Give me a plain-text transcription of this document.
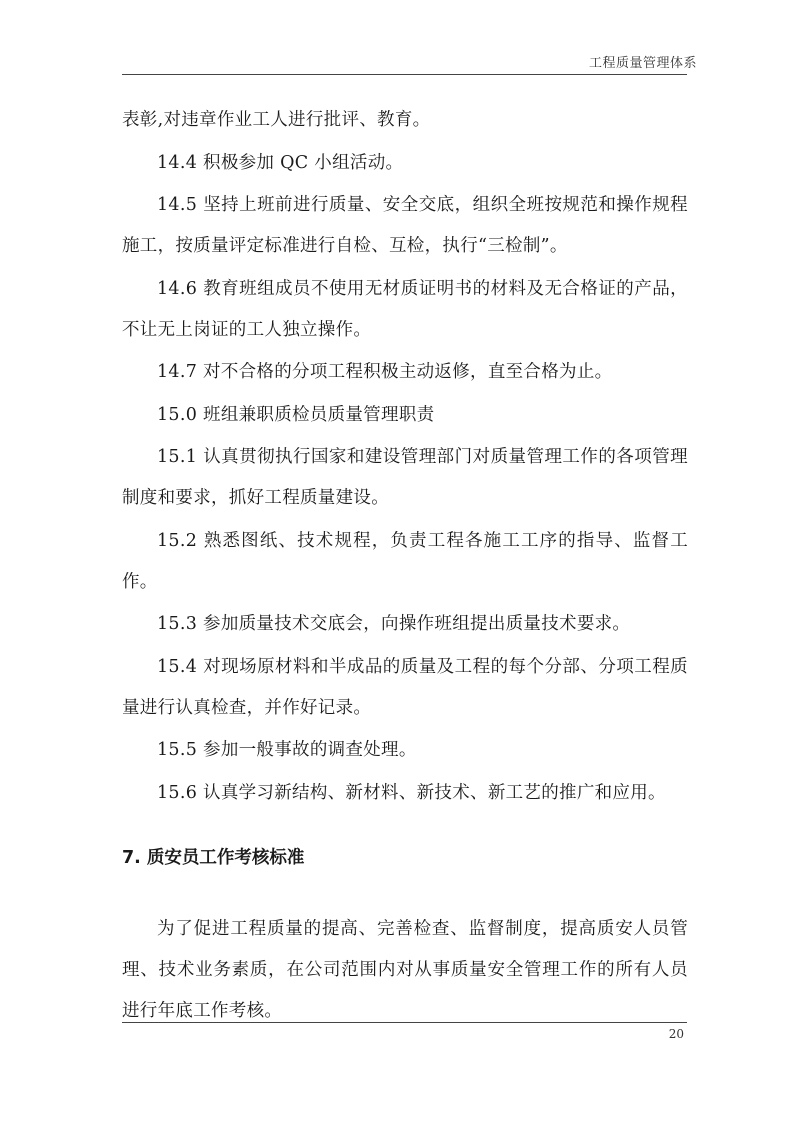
工程质量管理体系

表彰,对违章作业工人进行批评、教育。

14.4 积极参加 QC 小组活动。

14.5 坚持上班前进行质量、安全交底，组织全班按规范和操作规程施工，按质量评定标准进行自检、互检，执行“三检制”。

14.6 教育班组成员不使用无材质证明书的材料及无合格证的产品，不让无上岗证的工人独立操作。

14.7 对不合格的分项工程积极主动返修，直至合格为止。

15.0 班组兼职质检员质量管理职责

15.1 认真贯彻执行国家和建设管理部门对质量管理工作的各项管理制度和要求，抓好工程质量建设。

15.2 熟悉图纸、技术规程，负责工程各施工工序的指导、监督工作。

15.3 参加质量技术交底会，向操作班组提出质量技术要求。

15.4 对现场原材料和半成品的质量及工程的每个分部、分项工程质量进行认真检查，并作好记录。

15.5 参加一般事故的调查处理。

15.6 认真学习新结构、新材料、新技术、新工艺的推广和应用。

7. 质安员工作考核标准

为了促进工程质量的提高、完善检查、监督制度，提高质安人员管理、技术业务素质，在公司范围内对从事质量安全管理工作的所有人员进行年底工作考核。

20
